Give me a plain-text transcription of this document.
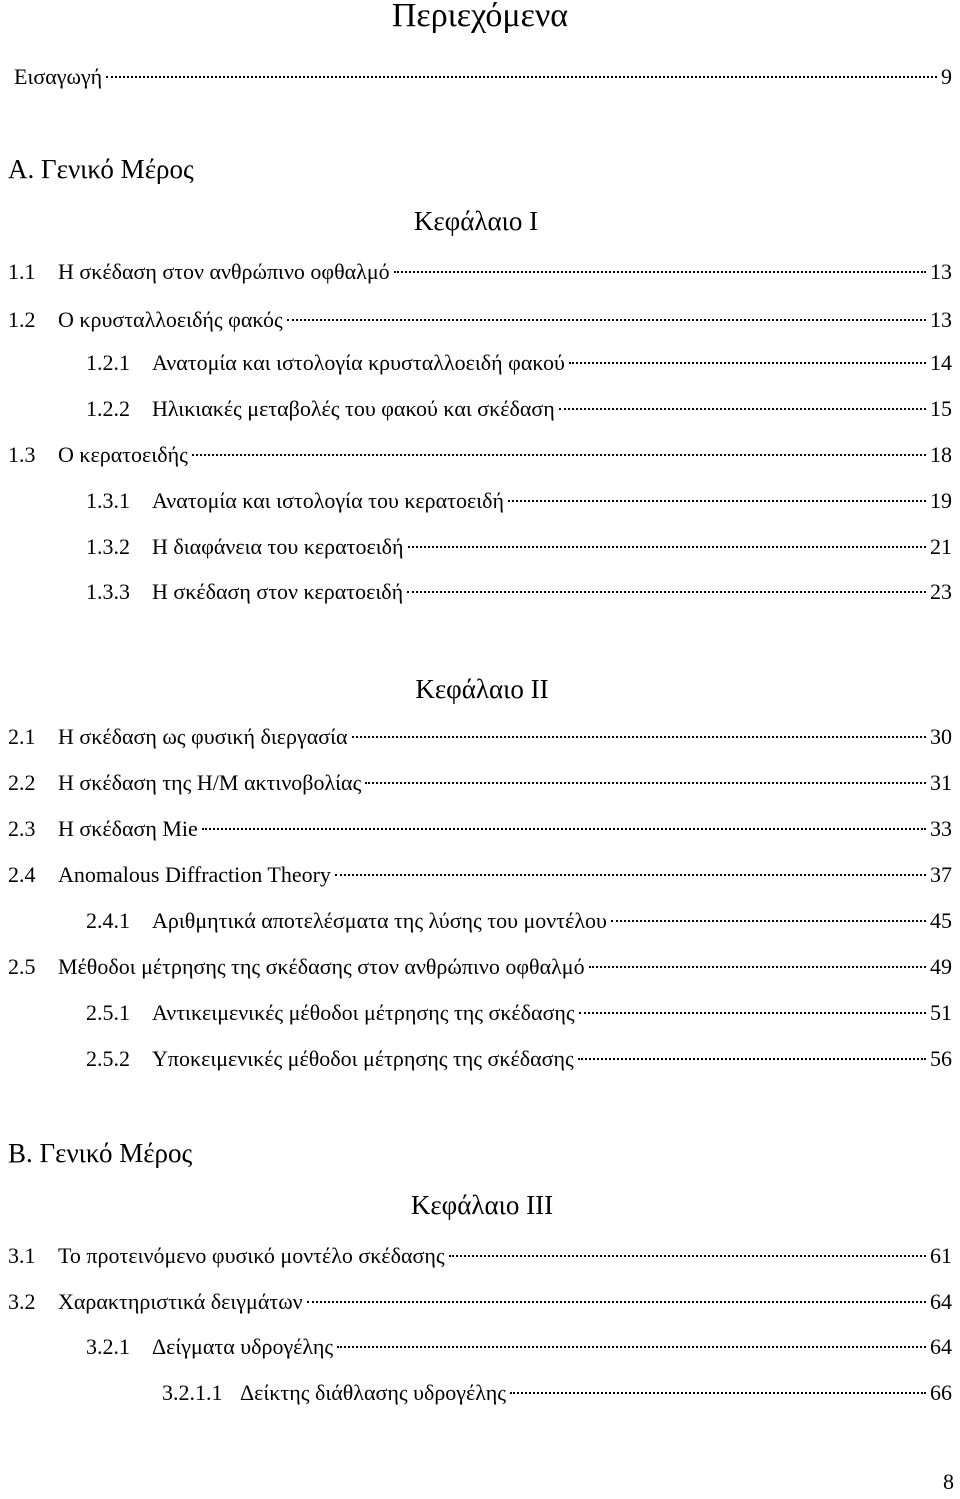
Περιεχόμενα
Εισαγωγή	9
Α. Γενικό Μέρος
Κεφάλαιο Ι
1.1	Η σκέδαση στον ανθρώπινο οφθαλμό	13
1.2	Ο κρυσταλλοειδής φακός	13
1.2.1	Ανατομία και ιστολογία κρυσταλλοειδή φακού	14
1.2.2	Ηλικιακές μεταβολές του φακού και σκέδαση	15
1.3	Ο κερατοειδής	18
1.3.1	Ανατομία και ιστολογία του κερατοειδή	19
1.3.2	Η διαφάνεια του κερατοειδή	21
1.3.3	Η σκέδαση στον κερατοειδή	23
Κεφάλαιο ΙΙ
2.1	Η σκέδαση ως φυσική διεργασία	30
2.2	Η σκέδαση της Η/Μ ακτινοβολίας	31
2.3	Η σκέδαση Mie	33
2.4	Anomalous Diffraction Theory	37
2.4.1	Αριθμητικά αποτελέσματα της λύσης του μοντέλου	45
2.5	Μέθοδοι μέτρησης της σκέδασης στον ανθρώπινο οφθαλμό	49
2.5.1	Αντικειμενικές μέθοδοι μέτρησης της σκέδασης	51
2.5.2	Υποκειμενικές μέθοδοι μέτρησης της σκέδασης	56
Β. Γενικό Μέρος
Κεφάλαιο ΙΙΙ
3.1	Το προτεινόμενο φυσικό μοντέλο σκέδασης	61
3.2	Χαρακτηριστικά δειγμάτων	64
3.2.1	Δείγματα υδρογέλης	64
3.2.1.1 Δείκτης διάθλασης υδρογέλης	66
8
